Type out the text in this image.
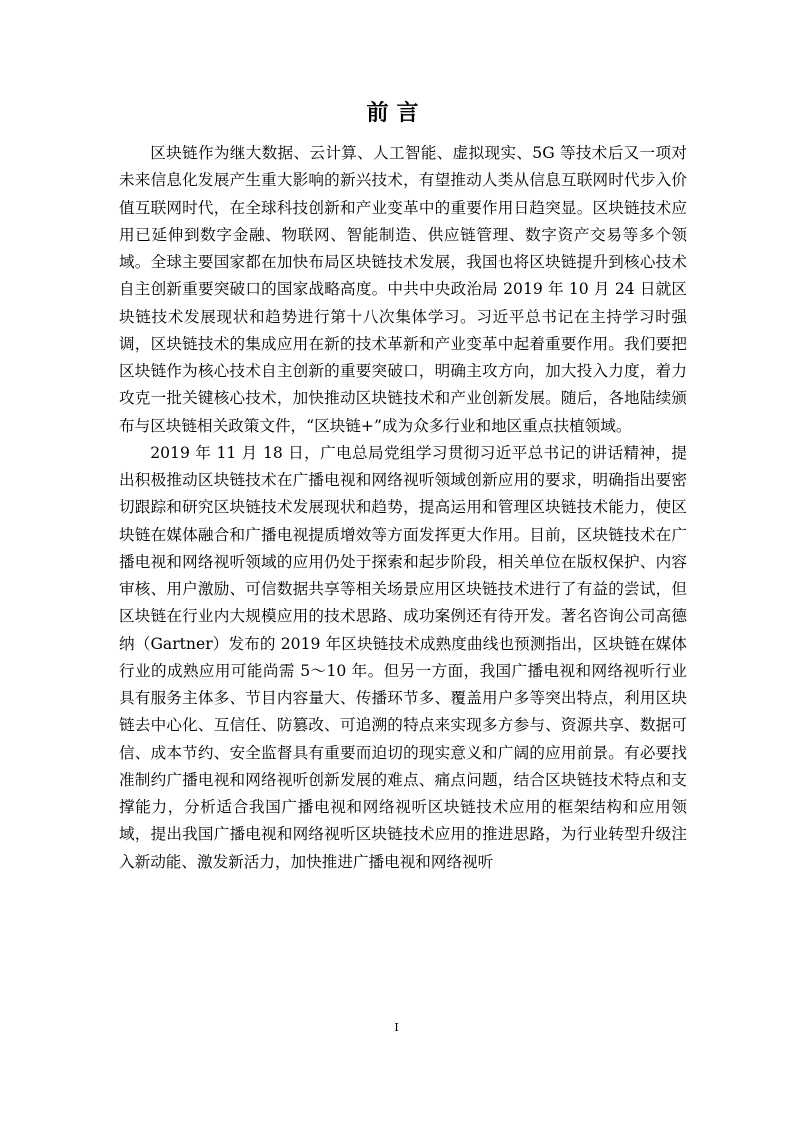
前言

区块链作为继大数据、云计算、人工智能、虚拟现实、5G 等技术后又一项对未来信息化发展产生重大影响的新兴技术，有望推动人类从信息互联网时代步入价值互联网时代，在全球科技创新和产业变革中的重要作用日趋突显。区块链技术应用已延伸到数字金融、物联网、智能制造、供应链管理、数字资产交易等多个领域。全球主要国家都在加快布局区块链技术发展，我国也将区块链提升到核心技术自主创新重要突破口的国家战略高度。中共中央政治局 2019 年 10 月 24 日就区块链技术发展现状和趋势进行第十八次集体学习。习近平总书记在主持学习时强调，区块链技术的集成应用在新的技术革新和产业变革中起着重要作用。我们要把区块链作为核心技术自主创新的重要突破口，明确主攻方向，加大投入力度，着力攻克一批关键核心技术，加快推动区块链技术和产业创新发展。随后，各地陆续颁布与区块链相关政策文件，“区块链+”成为众多行业和地区重点扶植领域。

2019 年 11 月 18 日，广电总局党组学习贯彻习近平总书记的讲话精神，提出积极推动区块链技术在广播电视和网络视听领域创新应用的要求，明确指出要密切跟踪和研究区块链技术发展现状和趋势，提高运用和管理区块链技术能力，使区块链在媒体融合和广播电视提质增效等方面发挥更大作用。目前，区块链技术在广播电视和网络视听领域的应用仍处于探索和起步阶段，相关单位在版权保护、内容审核、用户激励、可信数据共享等相关场景应用区块链技术进行了有益的尝试，但区块链在行业内大规模应用的技术思路、成功案例还有待开发。著名咨询公司高德纳（Gartner）发布的 2019 年区块链技术成熟度曲线也预测指出，区块链在媒体行业的成熟应用可能尚需 5～10 年。但另一方面，我国广播电视和网络视听行业具有服务主体多、节目内容量大、传播环节多、覆盖用户多等突出特点，利用区块链去中心化、互信任、防篡改、可追溯的特点来实现多方参与、资源共享、数据可信、成本节约、安全监督具有重要而迫切的现实意义和广阔的应用前景。有必要找准制约广播电视和网络视听创新发展的难点、痛点问题，结合区块链技术特点和支撑能力，分析适合我国广播电视和网络视听区块链技术应用的框架结构和应用领域，提出我国广播电视和网络视听区块链技术应用的推进思路，为行业转型升级注入新动能、激发新活力，加快推进广播电视和网络视听

I
